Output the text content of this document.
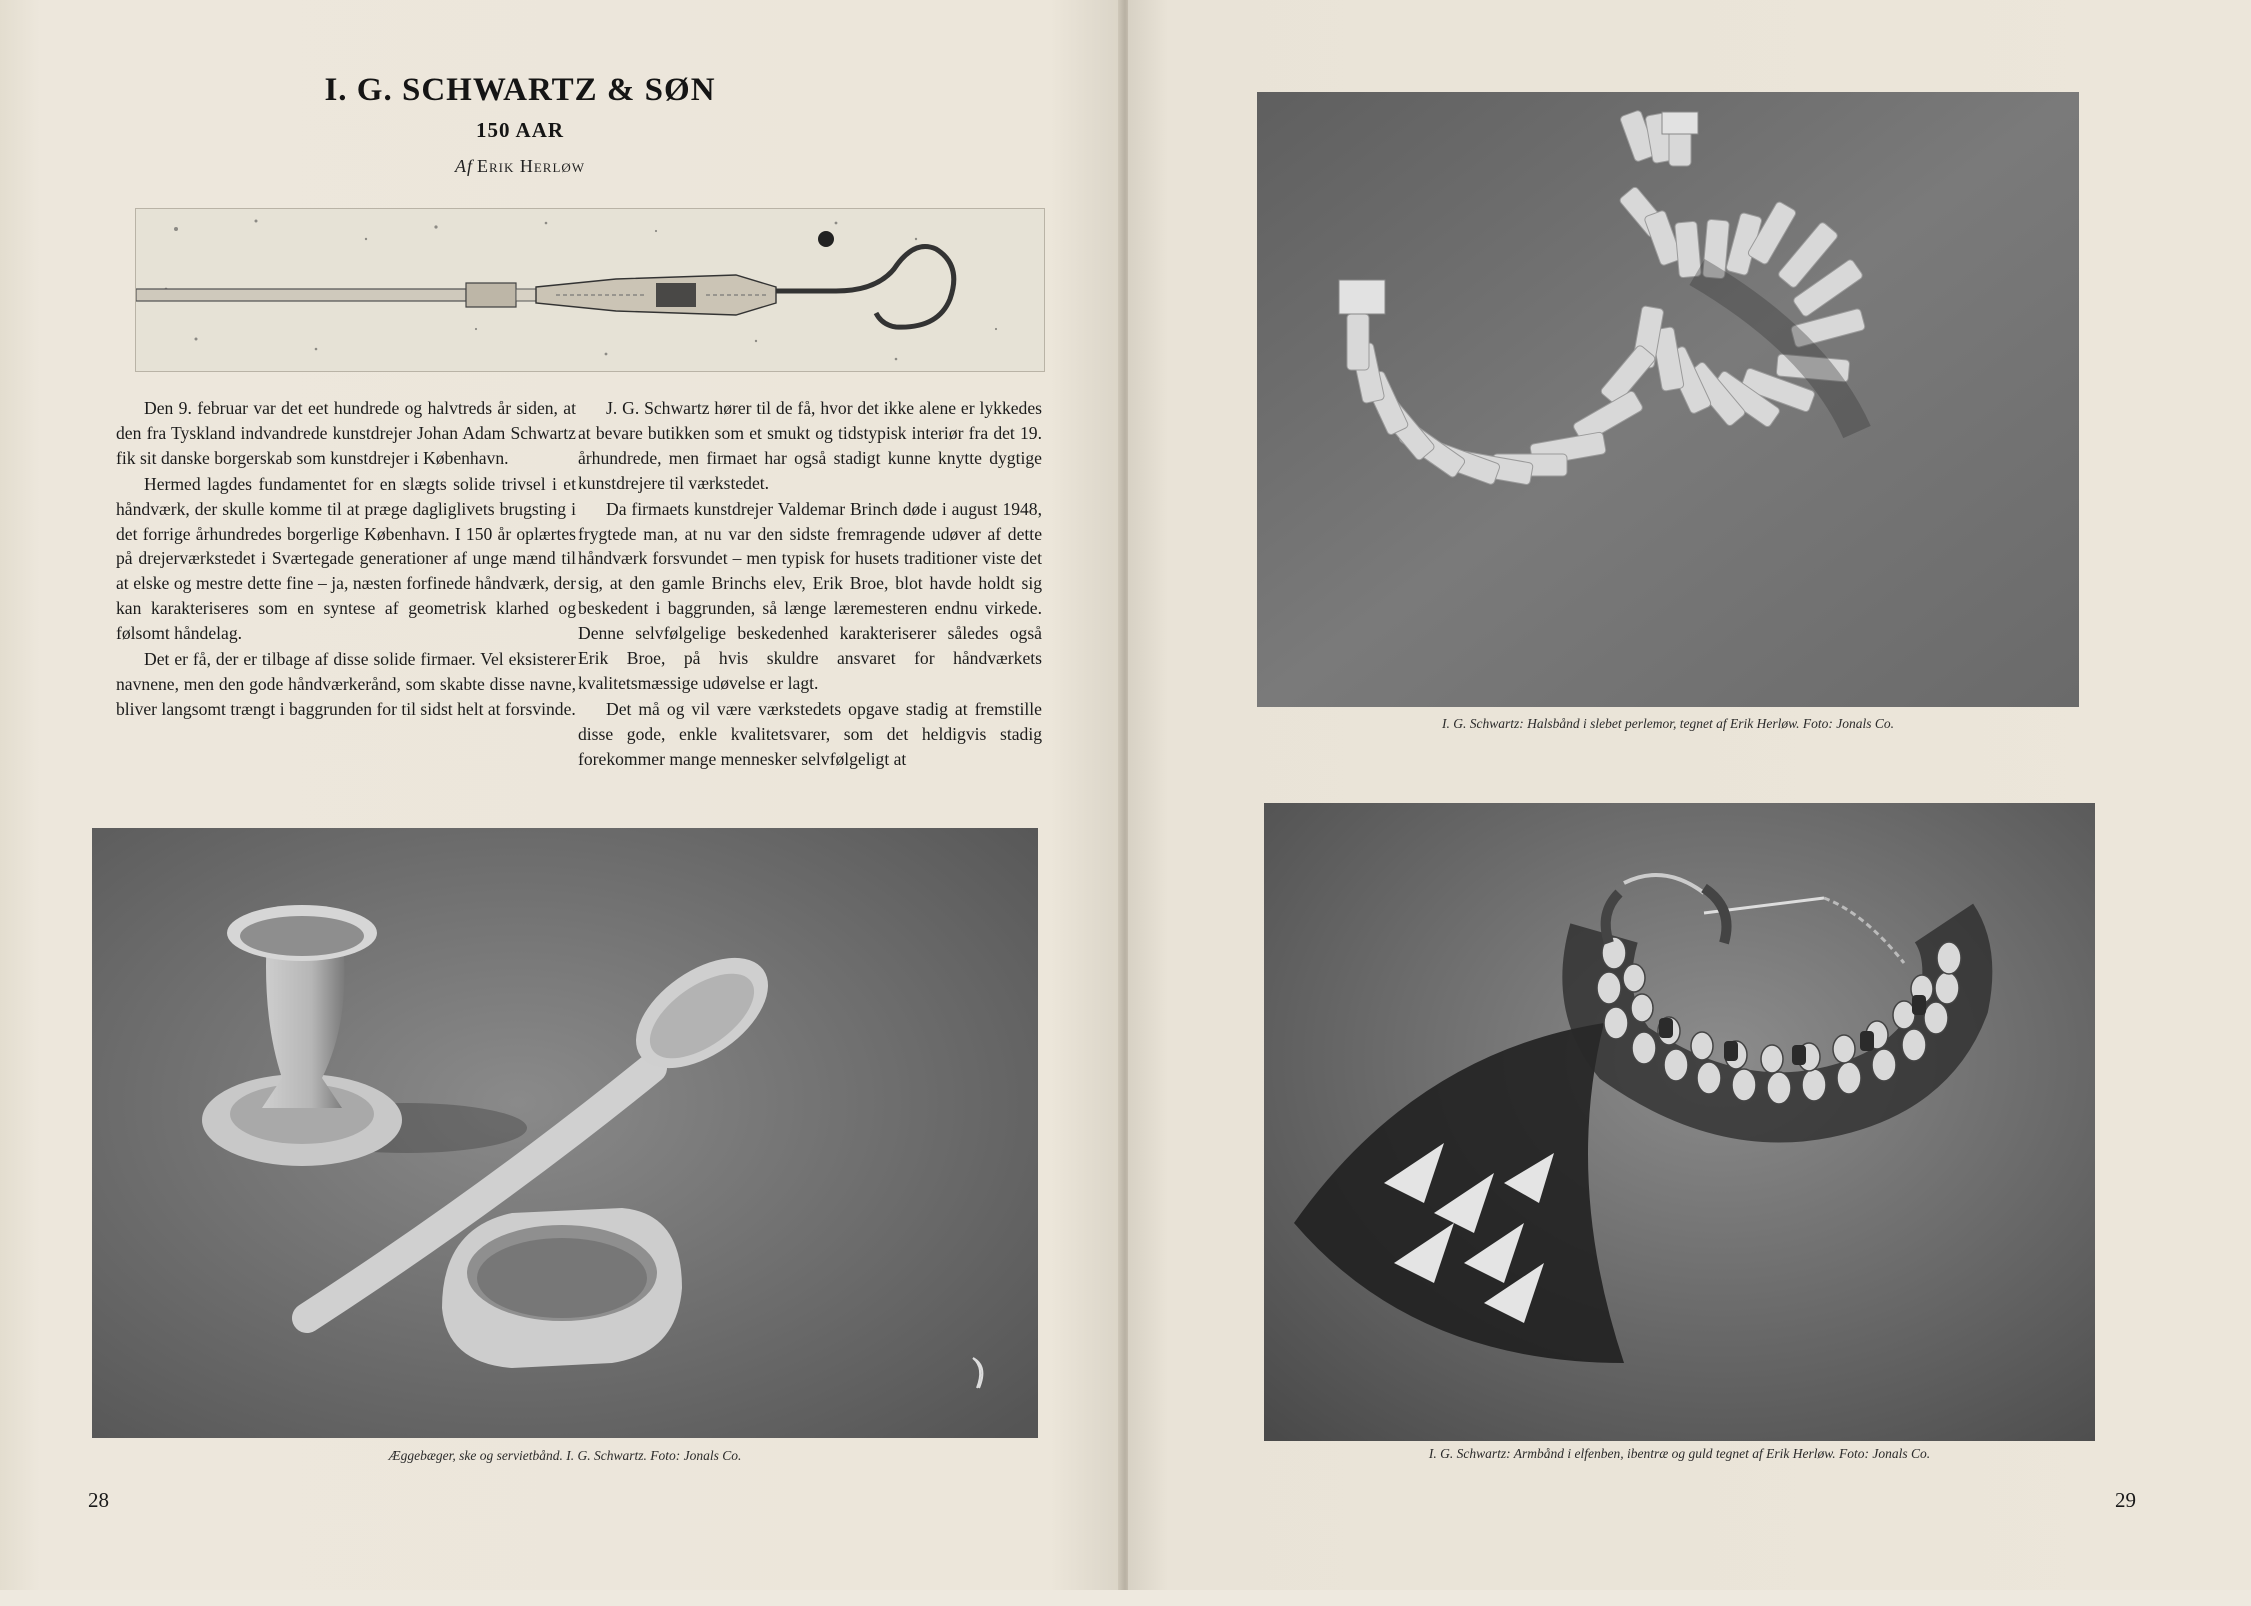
I. G. SCHWARTZ & SØN
150 AAR
Af Erik Herløw

Den 9. februar var det eet hundrede og halvtreds år siden, at den fra Tyskland indvandrede kunstdrejer Johan Adam Schwartz fik sit danske borgerskab som kunstdrejer i København.

Hermed lagdes fundamentet for en slægts solide trivsel i et håndværk, der skulle komme til at præge dagliglivets brugsting i det forrige århundredes borgerlige København. I 150 år oplærtes på drejerværkstedet i Sværtegade generationer af unge mænd til at elske og mestre dette fine – ja, næsten forfinede håndværk, der kan karakteriseres som en syntese af geometrisk klarhed og følsomt håndelag.

Det er få, der er tilbage af disse solide firmaer. Vel eksisterer navnene, men den gode håndværkerånd, som skabte disse navne, bliver langsomt trængt i baggrunden for til sidst helt at forsvinde.

J. G. Schwartz hører til de få, hvor det ikke alene er lykkedes at bevare butikken som et smukt og tidstypisk interiør fra det 19. århundrede, men firmaet har også stadigt kunne knytte dygtige kunstdrejere til værkstedet.

Da firmaets kunstdrejer Valdemar Brinch døde i august 1948, frygtede man, at nu var den sidste fremragende udøver af dette håndværk forsvundet – men typisk for husets traditioner viste det sig, at den gamle Brinchs elev, Erik Broe, blot havde holdt sig beskedent i baggrunden, så længe læremesteren endnu virkede. Denne selvfølgelige beskedenhed karakteriserer således også Erik Broe, på hvis skuldre ansvaret for håndværkets kvalitetsmæssige udøvelse er lagt.

Det må og vil være værkstedets opgave stadig at fremstille disse gode, enkle kvalitetsvarer, som det heldigvis stadig forekommer mange mennesker selvfølgeligt at

Æggebæger, ske og servietbånd. I. G. Schwartz. Foto: Jonals Co.
28
I. G. Schwartz: Halsbånd i slebet perlemor, tegnet af Erik Herløw. Foto: Jonals Co.
I. G. Schwartz: Armbånd i elfenben, ibentræ og guld tegnet af Erik Herløw. Foto: Jonals Co.
29
